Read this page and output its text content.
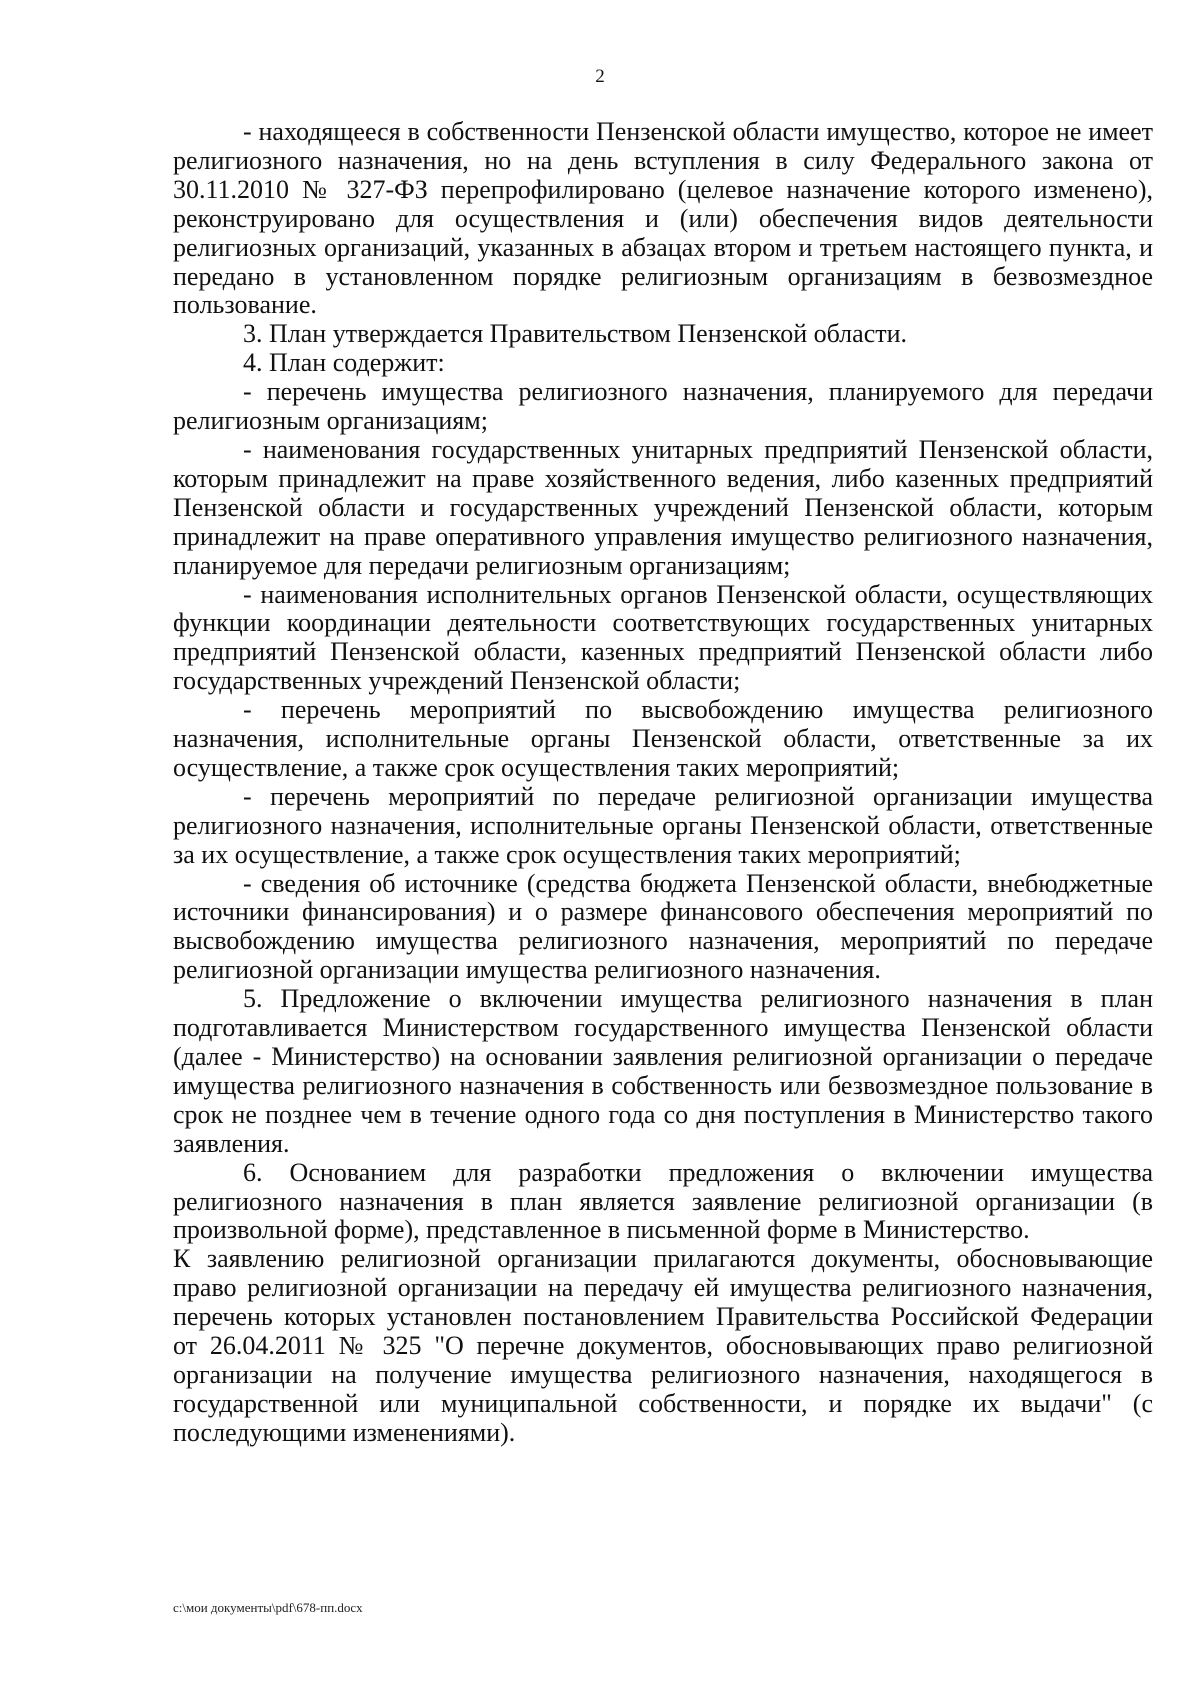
2

- находящееся в собственности Пензенской области имущество, которое не имеет религиозного назначения, но на день вступления в силу Федерального закона от 30.11.2010 № 327-ФЗ перепрофилировано (целевое назначение которого изменено), реконструировано для осуществления и (или) обеспечения видов деятельности религиозных организаций, указанных в абзацах втором и третьем настоящего пункта, и передано в установленном порядке религиозным организациям в безвозмездное пользование.

3. План утверждается Правительством Пензенской области.

4. План содержит:

- перечень имущества религиозного назначения, планируемого для передачи религиозным организациям;

- наименования государственных унитарных предприятий Пензенской области, которым принадлежит на праве хозяйственного ведения, либо казенных предприятий Пензенской области и государственных учреждений Пензенской области, которым принадлежит на праве оперативного управления имущество религиозного назначения, планируемое для передачи религиозным организациям;

- наименования исполнительных органов Пензенской области, осуществляющих функции координации деятельности соответствующих государственных унитарных предприятий Пензенской области, казенных предприятий Пензенской области либо государственных учреждений Пензенской области;

- перечень мероприятий по высвобождению имущества религиозного назначения, исполнительные органы Пензенской области, ответственные за их осуществление, а также срок осуществления таких мероприятий;

- перечень мероприятий по передаче религиозной организации имущества религиозного назначения, исполнительные органы Пензенской области, ответственные за их осуществление, а также срок осуществления таких мероприятий;

- сведения об источнике (средства бюджета Пензенской области, внебюджетные источники финансирования) и о размере финансового обеспечения мероприятий по высвобождению имущества религиозного назначения, мероприятий по передаче религиозной организации имущества религиозного назначения.

5. Предложение о включении имущества религиозного назначения в план подготавливается Министерством государственного имущества Пензенской области (далее - Министерство) на основании заявления религиозной организации о передаче имущества религиозного назначения в собственность или безвозмездное пользование в срок не позднее чем в течение одного года со дня поступления в Министерство такого заявления.

6. Основанием для разработки предложения о включении имущества религиозного назначения в план является заявление религиозной организации (в произвольной форме), представленное в письменной форме в Министерство.

К заявлению религиозной организации прилагаются документы, обосновывающие право религиозной организации на передачу ей имущества религиозного назначения, перечень которых установлен постановлением Правительства Российской Федерации от 26.04.2011 № 325 "О перечне документов, обосновывающих право религиозной организации на получение имущества религиозного назначения, находящегося в государственной или муниципальной собственности, и порядке их выдачи" (с последующими изменениями).

c:\мои документы\pdf\678-пп.docx
